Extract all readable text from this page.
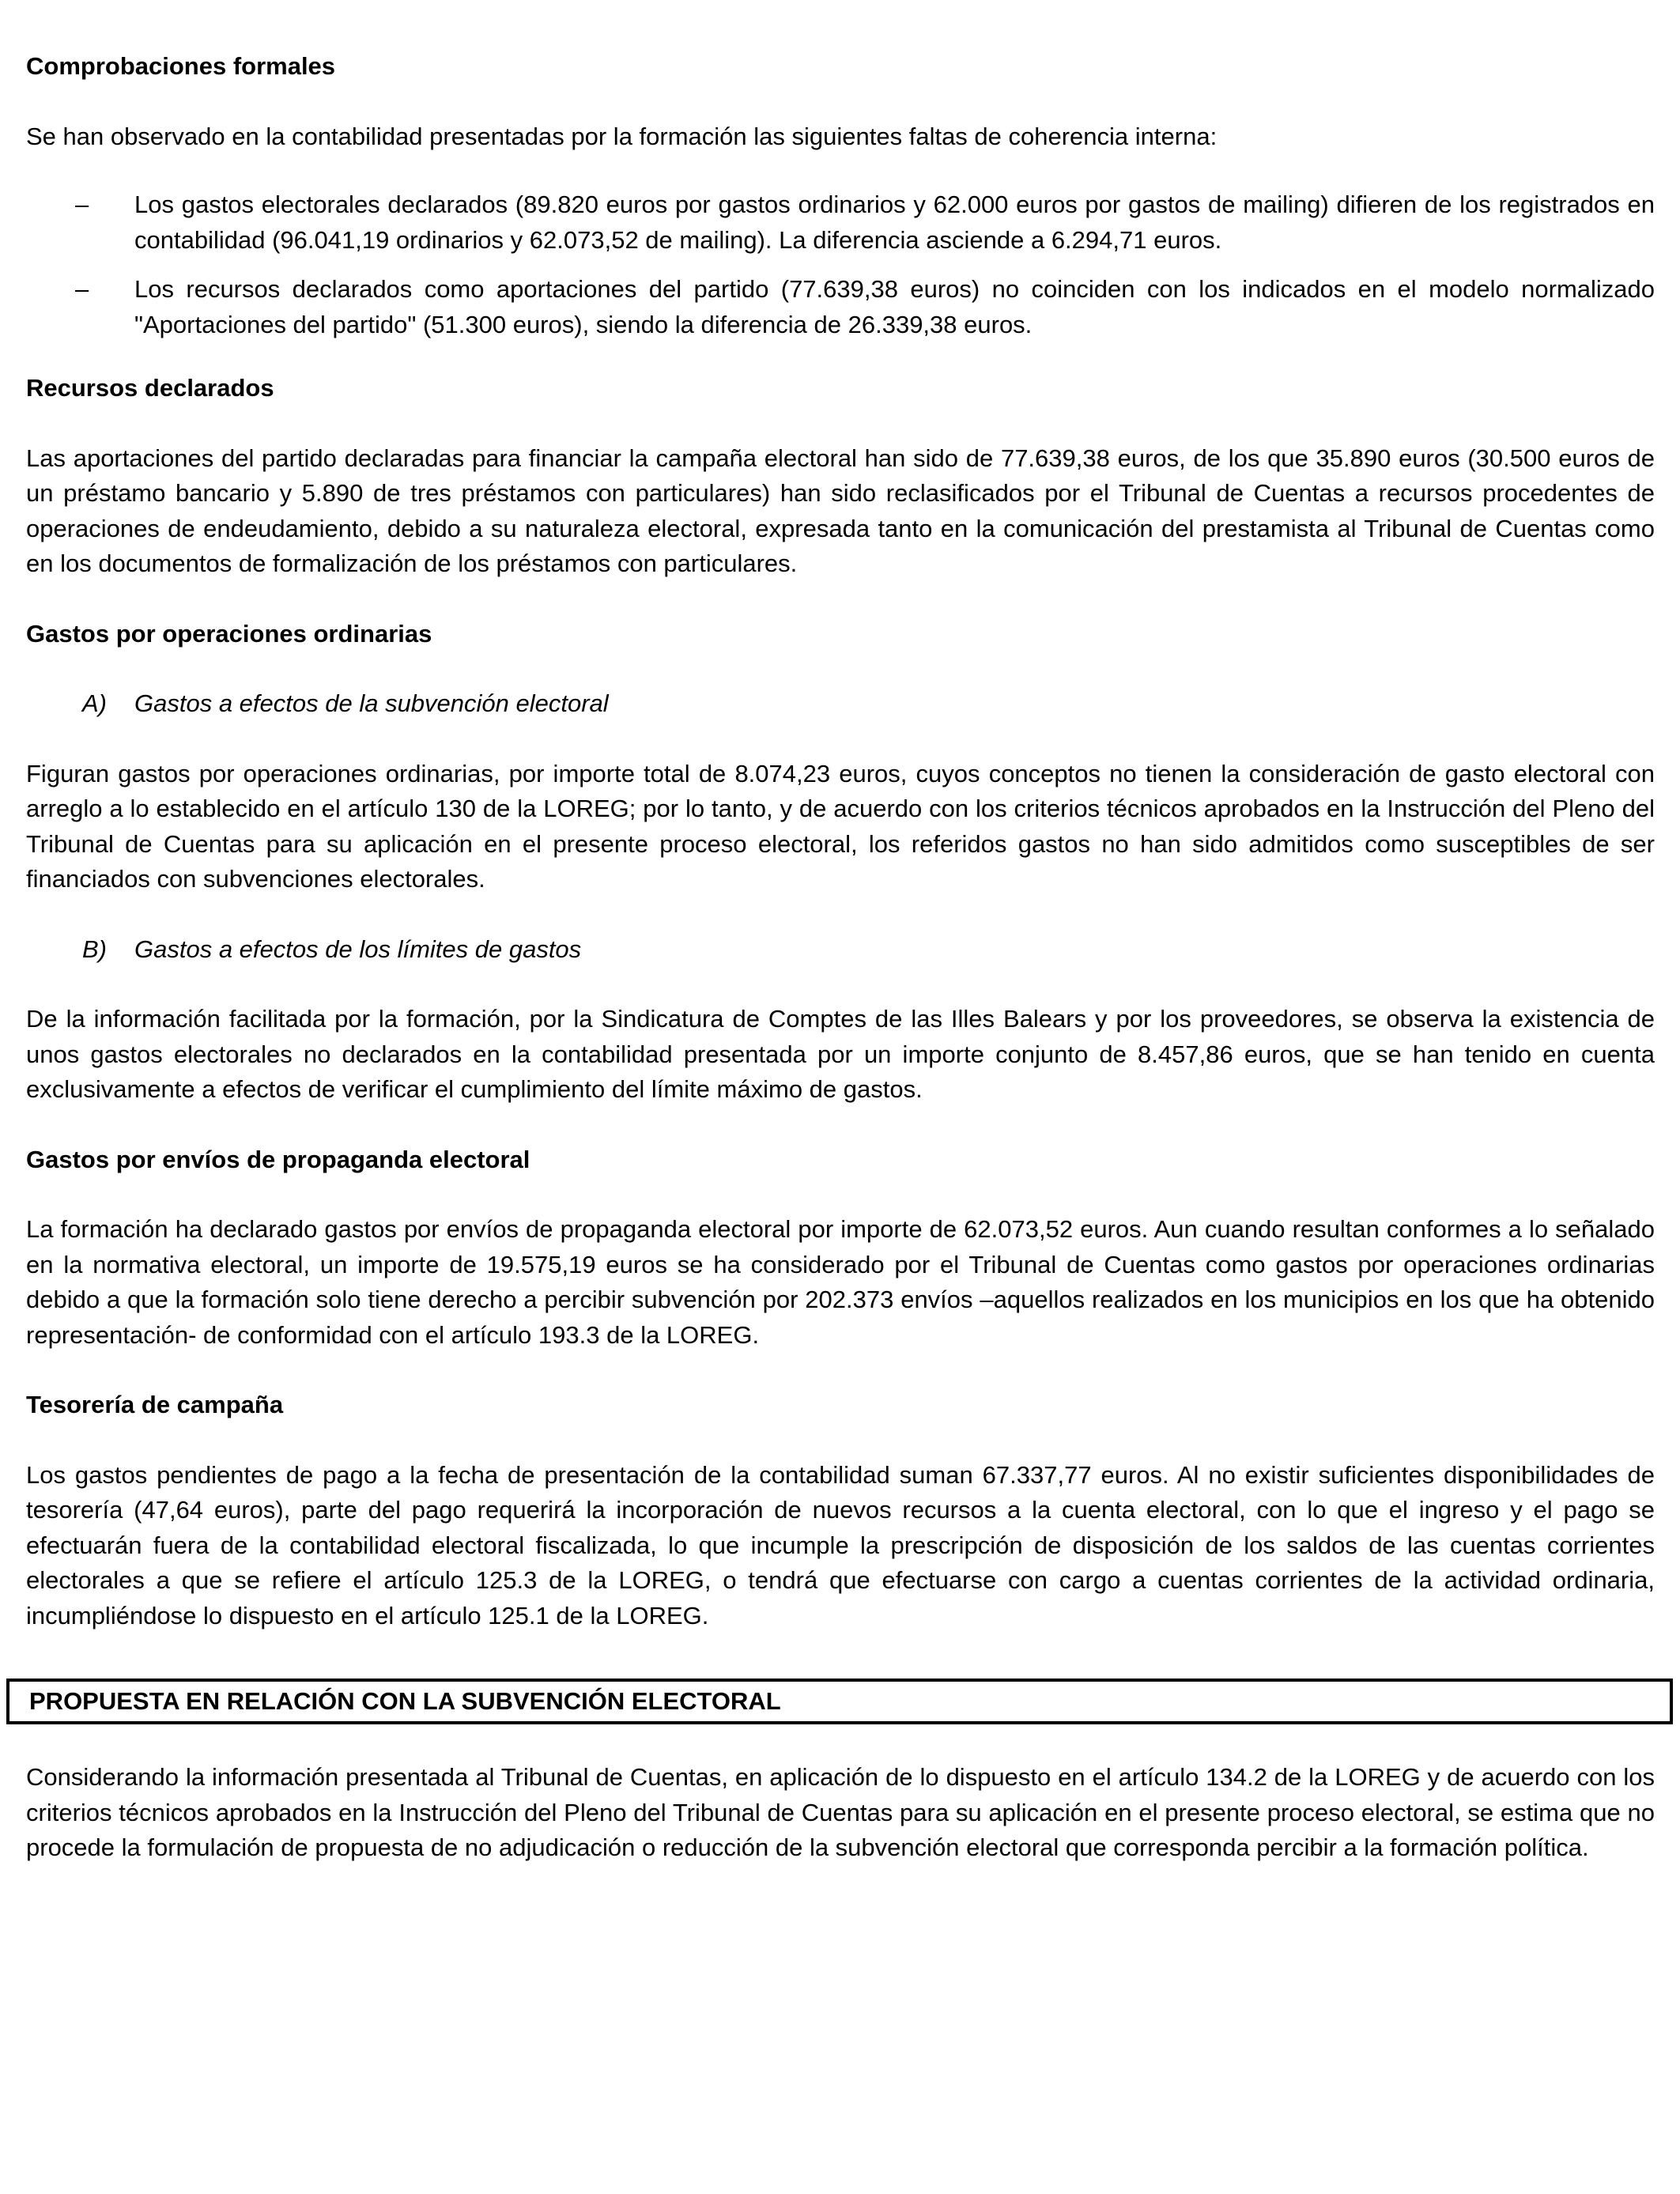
Comprobaciones formales

Se han observado en la contabilidad presentadas por la formación las siguientes faltas de coherencia interna:

– Los gastos electorales declarados (89.820 euros por gastos ordinarios y 62.000 euros por gastos de mailing) difieren de los registrados en contabilidad (96.041,19 ordinarios y 62.073,52 de mailing). La diferencia asciende a 6.294,71 euros.
– Los recursos declarados como aportaciones del partido (77.639,38 euros) no coinciden con los indicados en el modelo normalizado "Aportaciones del partido" (51.300 euros), siendo la diferencia de 26.339,38 euros.

Recursos declarados

Las aportaciones del partido declaradas para financiar la campaña electoral han sido de 77.639,38 euros, de los que 35.890 euros (30.500 euros de un préstamo bancario y 5.890 de tres préstamos con particulares) han sido reclasificados por el Tribunal de Cuentas a recursos procedentes de operaciones de endeudamiento, debido a su naturaleza electoral, expresada tanto en la comunicación del prestamista al Tribunal de Cuentas como en los documentos de formalización de los préstamos con particulares.

Gastos por operaciones ordinarias

A) Gastos a efectos de la subvención electoral

Figuran gastos por operaciones ordinarias, por importe total de 8.074,23 euros, cuyos conceptos no tienen la consideración de gasto electoral con arreglo a lo establecido en el artículo 130 de la LOREG; por lo tanto, y de acuerdo con los criterios técnicos aprobados en la Instrucción del Pleno del Tribunal de Cuentas para su aplicación en el presente proceso electoral, los referidos gastos no han sido admitidos como susceptibles de ser financiados con subvenciones electorales.

B) Gastos a efectos de los límites de gastos

De la información facilitada por la formación, por la Sindicatura de Comptes de las Illes Balears y por los proveedores, se observa la existencia de unos gastos electorales no declarados en la contabilidad presentada por un importe conjunto de 8.457,86 euros, que se han tenido en cuenta exclusivamente a efectos de verificar el cumplimiento del límite máximo de gastos.

Gastos por envíos de propaganda electoral

La formación ha declarado gastos por envíos de propaganda electoral por importe de 62.073,52 euros. Aun cuando resultan conformes a lo señalado en la normativa electoral, un importe de 19.575,19 euros se ha considerado por el Tribunal de Cuentas como gastos por operaciones ordinarias debido a que la formación solo tiene derecho a percibir subvención por 202.373 envíos –aquellos realizados en los municipios en los que ha obtenido representación- de conformidad con el artículo 193.3 de la LOREG.

Tesorería de campaña

Los gastos pendientes de pago a la fecha de presentación de la contabilidad suman 67.337,77 euros. Al no existir suficientes disponibilidades de tesorería (47,64 euros), parte del pago requerirá la incorporación de nuevos recursos a la cuenta electoral, con lo que el ingreso y el pago se efectuarán fuera de la contabilidad electoral fiscalizada, lo que incumple la prescripción de disposición de los saldos de las cuentas corrientes electorales a que se refiere el artículo 125.3 de la LOREG, o tendrá que efectuarse con cargo a cuentas corrientes de la actividad ordinaria, incumpliéndose lo dispuesto en el artículo 125.1 de la LOREG.

PROPUESTA EN RELACIÓN CON LA SUBVENCIÓN ELECTORAL

Considerando la información presentada al Tribunal de Cuentas, en aplicación de lo dispuesto en el artículo 134.2 de la LOREG y de acuerdo con los criterios técnicos aprobados en la Instrucción del Pleno del Tribunal de Cuentas para su aplicación en el presente proceso electoral, se estima que no procede la formulación de propuesta de no adjudicación o reducción de la subvención electoral que corresponda percibir a la formación política.
